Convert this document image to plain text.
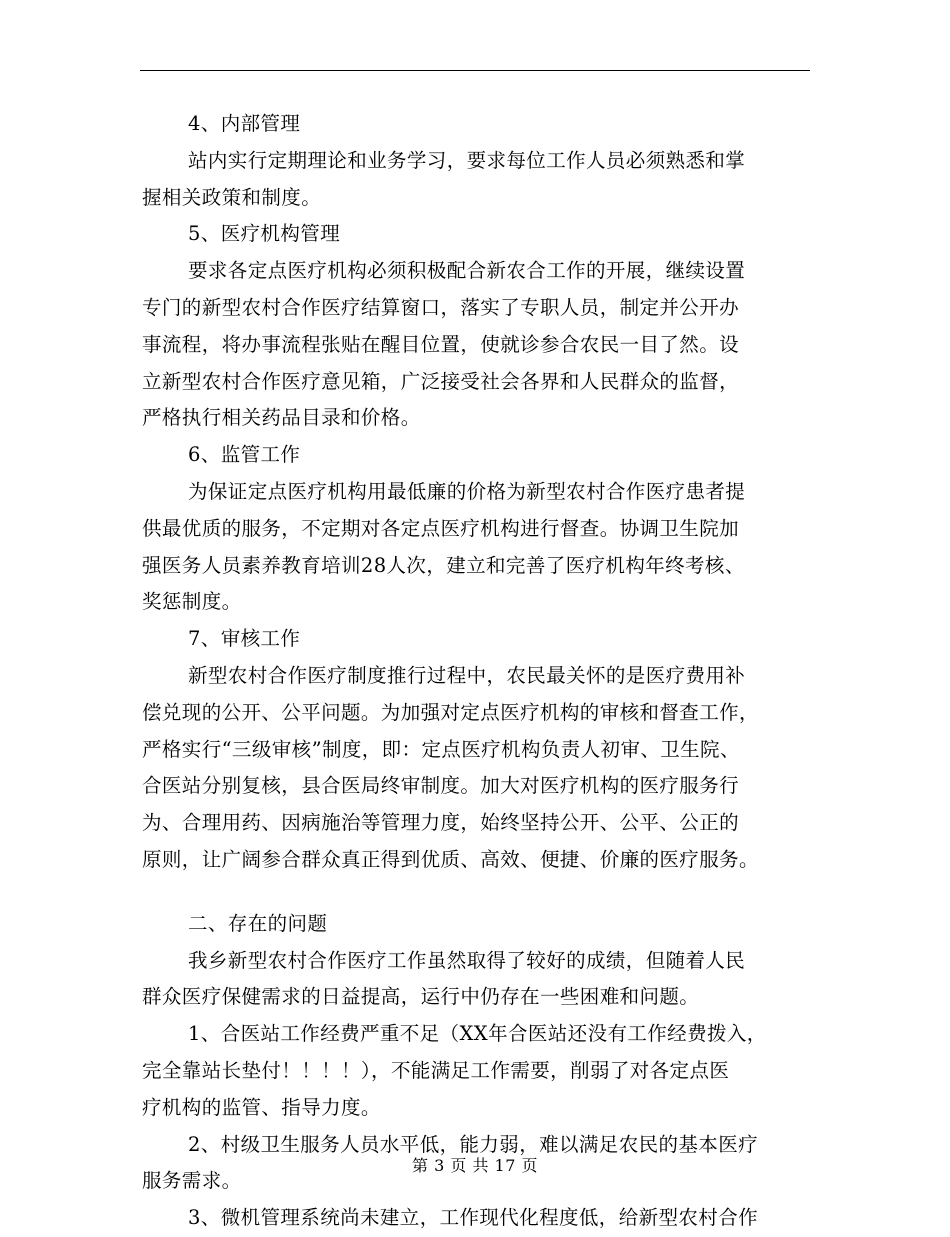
4、内部管理
站内实行定期理论和业务学习，要求每位工作人员必须熟悉和掌
握相关政策和制度。
5、医疗机构管理
要求各定点医疗机构必须积极配合新农合工作的开展，继续设置
专门的新型农村合作医疗结算窗口，落实了专职人员，制定并公开办
事流程，将办事流程张贴在醒目位置，使就诊参合农民一目了然。设
立新型农村合作医疗意见箱，广泛接受社会各界和人民群众的监督，
严格执行相关药品目录和价格。
6、监管工作
为保证定点医疗机构用最低廉的价格为新型农村合作医疗患者提
供最优质的服务，不定期对各定点医疗机构进行督查。协调卫生院加
强医务人员素养教育培训28人次，建立和完善了医疗机构年终考核、
奖惩制度。
7、审核工作
新型农村合作医疗制度推行过程中，农民最关怀的是医疗费用补
偿兑现的公开、公平问题。为加强对定点医疗机构的审核和督查工作，
严格实行“三级审核”制度，即：定点医疗机构负责人初审、卫生院、
合医站分别复核，县合医局终审制度。加大对医疗机构的医疗服务行
为、合理用药、因病施治等管理力度，始终坚持公开、公平、公正的
原则，让广阔参合群众真正得到优质、高效、便捷、价廉的医疗服务。
二、存在的问题
我乡新型农村合作医疗工作虽然取得了较好的成绩，但随着人民
群众医疗保健需求的日益提高，运行中仍存在一些困难和问题。
1、合医站工作经费严重不足（XX年合医站还没有工作经费拨入，
完全靠站长垫付！！！！），不能满足工作需要，削弱了对各定点医
疗机构的监管、指导力度。
2、村级卫生服务人员水平低，能力弱，难以满足农民的基本医疗
服务需求。
3、微机管理系统尚未建立，工作现代化程度低，给新型农村合作
第 3 页 共 17 页
